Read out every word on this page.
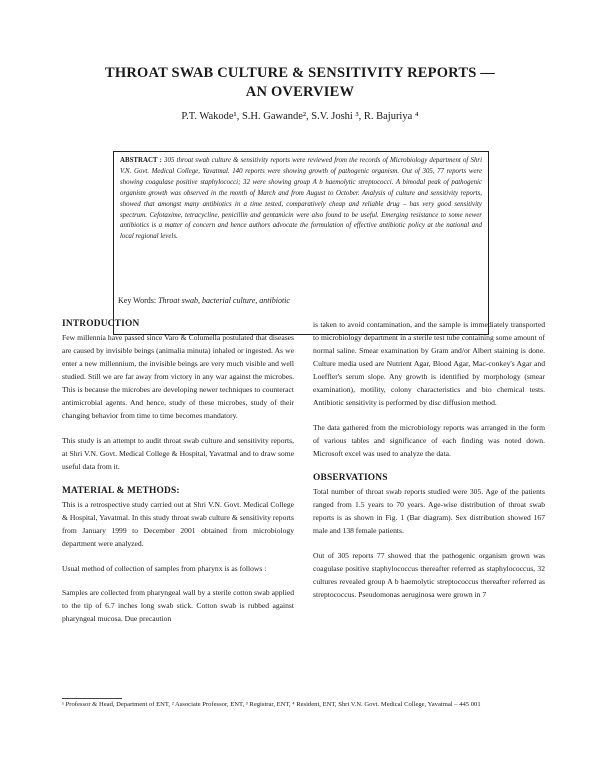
THROAT SWAB CULTURE & SENSITIVITY REPORTS —
AN OVERVIEW
P.T. Wakode¹, S.H. Gawande², S.V. Joshi ³, R. Bajuriya ⁴
ABSTRACT : 305 throat swab culture & sensitivity reports were reviewed from the records of Microbiology department of Shri V.N. Govt. Medical College, Yavatmal. 140 reports were showing growth of pathogenic organism. Out of 305, 77 reports were showing coagulase positive staphylococci; 32 were showing group A b haemolytic streptococci. A bimodal peak of pathogenic organism growth was observed in the month of March and from August to October. Analysis of culture and sensitivity reports, showed that amongst many antibiotics in a time tested, comparatively cheap and reliable drug – has very good sensitivity spectrum. Cefotaxime, tetracycline, penicillin and gentamicin were also found to be useful. Emerging resistance to some newer antibiotics is a matter of concern and hence authors advocate the formulation of effective antibiotic policy at the national and local regional levels.
Key Words: Throat swab, bacterial culture, antibiotic
INTRODUCTION

Few millennia have passed since Varo & Columella postulated that diseases are caused by invisible beings (animalia minuta) inhaled or ingested. As we enter a new millennium, the invisible beings are very much visible and well studied. Still we are far away from victory in any war against the microbes. This is because the microbes are developing newer techniques to counteract antimicrobial agents. And hence, study of these microbes, study of their changing behavior from time to time becomes mandatory.

This study is an attempt to audit throat swab culture and sensitivity reports, at Shri V.N. Govt. Medical College & Hospital, Yavatmal and to draw some useful data from it.

MATERIAL & METHODS:

This is a retrospective study carried out at Shri V.N. Govt. Medical College & Hospital, Yavatmal. In this study throat swab culture & sensitivity reports from January 1999 to December 2001 obtained from microbiology department were analyzed.

Usual method of collection of samples from pharynx is as follows :

Samples are collected from pharyngeal wall by a sterile cotton swab applied to the tip of 6.7 inches long swab stick. Cotton swab is rubbed against pharyngeal mucosa. Due precaution

is taken to avoid contamination, and the sample is immediately transported to microbiology department in a sterile test tube containing some amount of normal saline. Smear examination by Gram and/or Albert staining is done. Culture media used are Nutrient Agar, Blood Agar, Mac-conkey's Agar and Loeffler's serum slope. Any growth is identified by morphology (smear examination), motility, colony characteristics and bio chemical tests. Antibiotic sensitivity is performed by disc diffusion method.

The data gathered from the microbiology reports was arranged in the form of various tables and significance of each finding was noted down. Microsoft excel was used to analyze the data.

OBSERVATIONS

Total number of throat swab reports studied were 305. Age of the patients ranged from 1.5 years to 70 years. Age-wise distribution of throat swab reports is as shown in Fig. 1 (Bar diagram). Sex distribution showed 167 male and 138 female patients.

Out of 305 reports 77 showed that the pathogenic organism grown was coagulase positive staphylococcus thereafter referred as staphylococcus, 32 cultures revealed group A b haemolytic streptococcus thereafter referred as streptococcus. Pseudomonas aeruginosa were grown in 7

¹ Professor & Head, Department of ENT, ² Associate Professor, ENT, ³ Registrar, ENT, ⁴ Resident, ENT, Shri V.N. Govt. Medical College, Yavatmal – 445 001
